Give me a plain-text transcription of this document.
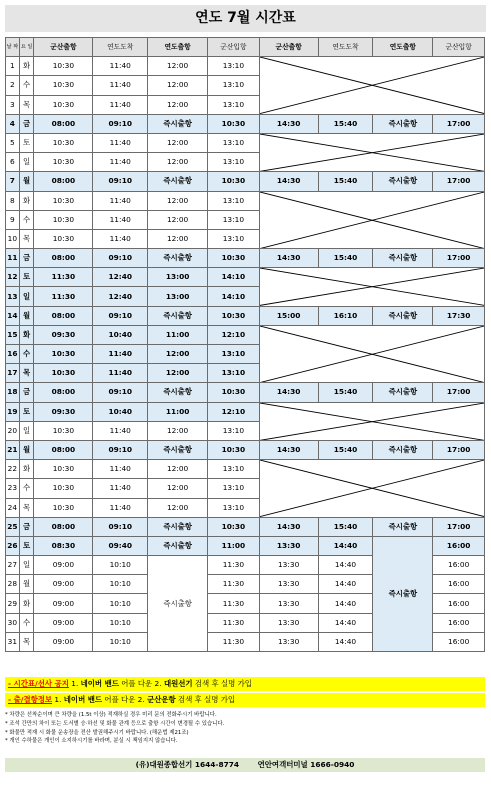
연도 7월 시간표
날 짜	요 일	군산출항	연도도착	연도출항	군산입항	군산출항	연도도착	연도출항	군산입항
1	화	10:30	11:40	12:00	13:10	

2	수	10:30	11:40	12:00	13:10				
3	목	10:30	11:40	12:00	13:10				
4	금	08:00	09:10	즉시출항	10:30	14:30	15:40	즉시출항	17:00
5	토	10:30	11:40	12:00	13:10	

6	일	10:30	11:40	12:00	13:10				
7	월	08:00	09:10	즉시출항	10:30	14:30	15:40	즉시출항	17:00
8	화	10:30	11:40	12:00	13:10	

9	수	10:30	11:40	12:00	13:10				
10	목	10:30	11:40	12:00	13:10				
11	금	08:00	09:10	즉시출항	10:30	14:30	15:40	즉시출항	17:00
12	토	11:30	12:40	13:00	14:10	

13	일	11:30	12:40	13:00	14:10				
14	월	08:00	09:10	즉시출항	10:30	15:00	16:10	즉시출항	17:30
15	화	09:30	10:40	11:00	12:10	

16	수	10:30	11:40	12:00	13:10				
17	목	10:30	11:40	12:00	13:10				
18	금	08:00	09:10	즉시출항	10:30	14:30	15:40	즉시출항	17:00
19	토	09:30	10:40	11:00	12:10	

20	일	10:30	11:40	12:00	13:10				
21	월	08:00	09:10	즉시출항	10:30	14:30	15:40	즉시출항	17:00
22	화	10:30	11:40	12:00	13:10	

23	수	10:30	11:40	12:00	13:10				
24	목	10:30	11:40	12:00	13:10				
25	금	08:00	09:10	즉시출항	10:30	14:30	15:40	즉시출항	17:00
26	토	08:30	09:40	즉시출항	11:00	13:30	14:40	즉시출항	16:00
27	일	09:00	10:10	즉시출항	11:30	13:30	14:40		16:00
28	월	09:00	10:10		11:30	13:30	14:40		16:00
29	화	09:00	10:10		11:30	13:30	14:40		16:00
30	수	09:00	10:10		11:30	13:30	14:40		16:00
31	목	09:00	10:10		11:30	13:30	14:40		16:00
- 시간표/선사 공지 1. 네이버 밴드 어플 다운 2. 대원선기 검색 후 실명 가입
- 출/결항정보 1. 네이버 밴드 어플 다운 2. 군산운항 검색 후 실명 가입
* 차량은 선착순이며 큰 차량을 (1.5t 이상) 적재하실 경우 미리 문의 전화주시기 바랍니다.
* 조석 간만의 차이 또는 도서별 승·하선 및 화물 관계 등으로 출항 시간이 변경될 수 있습니다.
* 화물만 적재 시 화물 운송장을 전산 발권해주시기 바랍니다. (해운법 제21조)
* 개인 수하물은 개인이 소지하시기를 바라며, 분실 시 책임지지 않습니다.
(유)대원종합선기 1644-8774	연안여객터미널 1666-0940
